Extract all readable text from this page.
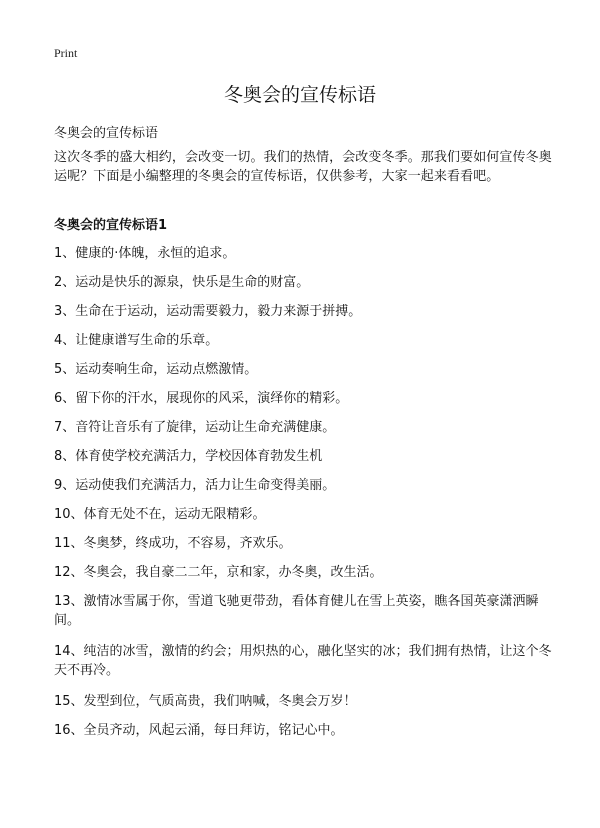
Print
冬奥会的宣传标语
冬奥会的宣传标语
这次冬季的盛大相约，会改变一切。我们的热情，会改变冬季。那我们要如何宣传冬奥运呢？下面是小编整理的冬奥会的宣传标语，仅供参考，大家一起来看看吧。
冬奥会的宣传标语1
1、健康的·体魄，永恒的追求。
2、运动是快乐的源泉，快乐是生命的财富。
3、生命在于运动，运动需要毅力，毅力来源于拼搏。
4、让健康谱写生命的乐章。
5、运动奏响生命，运动点燃激情。
6、留下你的汗水，展现你的风采，演绎你的精彩。
7、音符让音乐有了旋律，运动让生命充满健康。
8、体育使学校充满活力，学校因体育勃发生机
9、运动使我们充满活力，活力让生命变得美丽。
10、体育无处不在，运动无限精彩。
11、冬奥梦，终成功，不容易，齐欢乐。
12、冬奥会，我自豪二二年，京和家，办冬奥，改生活。
13、激情冰雪属于你，雪道飞驰更带劲，看体育健儿在雪上英姿，瞧各国英豪潇洒瞬间。
14、纯洁的冰雪，激情的约会；用炽热的心，融化坚实的冰；我们拥有热情，让这个冬天不再冷。
15、发型到位，气质高贵，我们呐喊，冬奥会万岁！
16、全员齐动，风起云涌，每日拜访，铭记心中。
